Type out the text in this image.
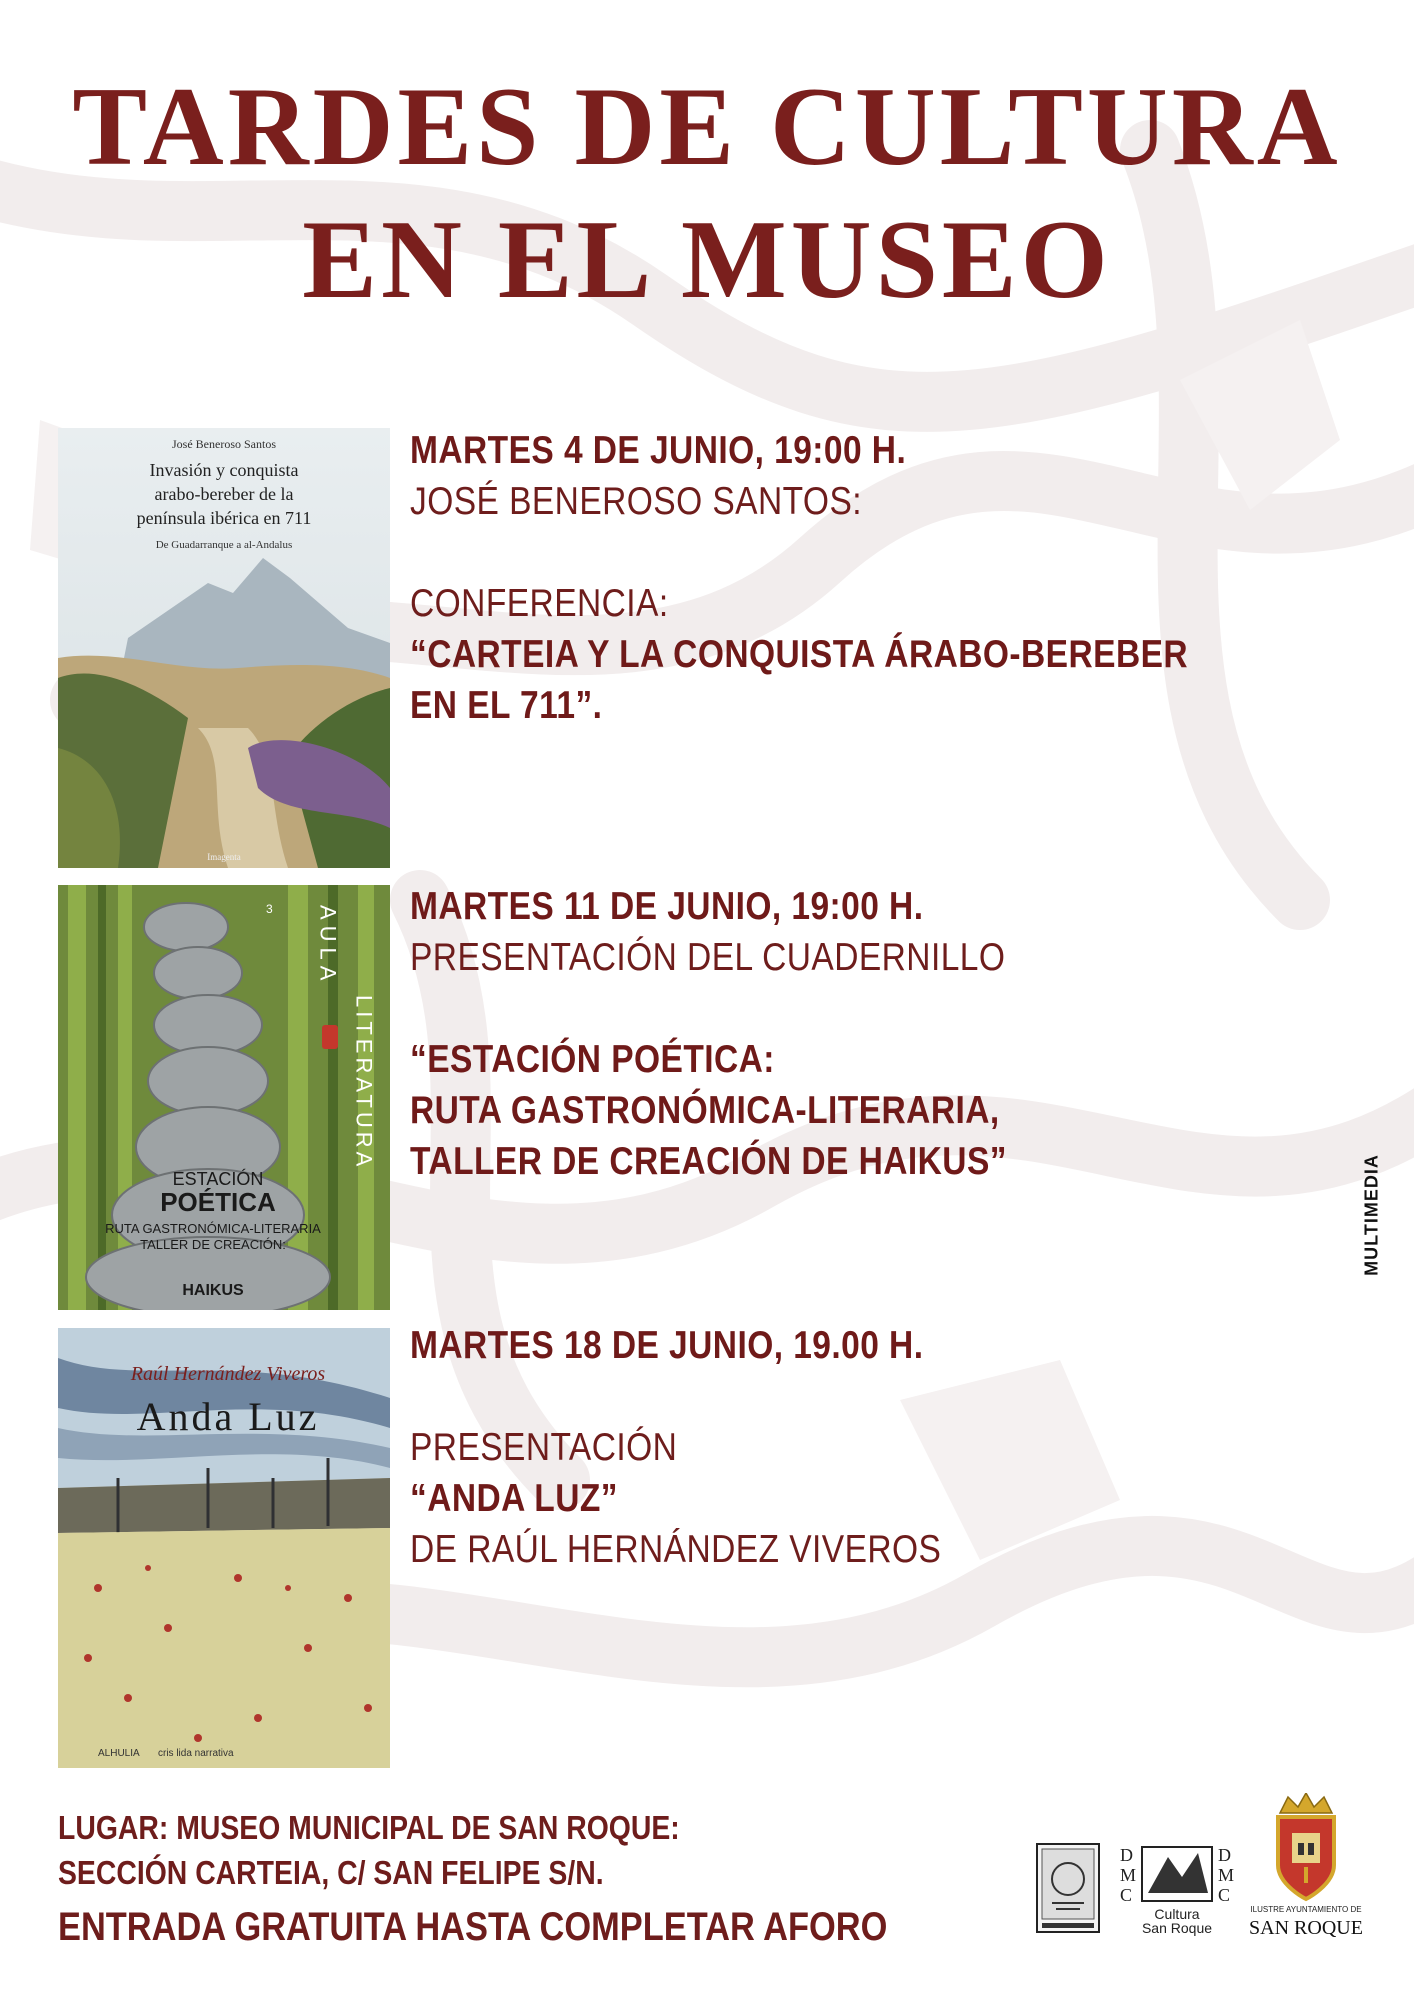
TARDES DE CULTURA
EN EL MUSEO
José Beneroso Santos
Invasión y conquista
arabo-bereber de la
península ibérica en 711
De Guadarranque a al-Andalus
Imagenta
3 AULA
LITERATURA
ESTACIÓN
POÉTICA
RUTA GASTRONÓMICA-LITERARIA
TALLER DE CREACIÓN:
HAIKUS
Raúl Hernández Viveros
Anda Luz
ALHULIA cris lida narrativa
MARTES 4 DE JUNIO, 19:00 H.
JOSÉ BENEROSO SANTOS:
CONFERENCIA:
“CARTEIA Y LA CONQUISTA ÁRABO-BEREBER
EN EL 711”.
MARTES 11 DE JUNIO, 19:00 H.
PRESENTACIÓN DEL CUADERNILLO
“ESTACIÓN POÉTICA:
RUTA GASTRONÓMICA-LITERARIA,
TALLER DE CREACIÓN DE HAIKUS”
MARTES 18 DE JUNIO, 19.00 H.
PRESENTACIÓN
“ANDA LUZ”
DE RAÚL HERNÁNDEZ VIVEROS
LUGAR: MUSEO MUNICIPAL DE SAN ROQUE:
SECCIÓN CARTEIA, C/ SAN FELIPE S/N.
ENTRADA GRATUITA HASTA COMPLETAR AFORO
MULTIMEDIA
D
M
C
D
M
C
Cultura
San Roque
ILUSTRE AYUNTAMIENTO DE
SAN ROQUE
